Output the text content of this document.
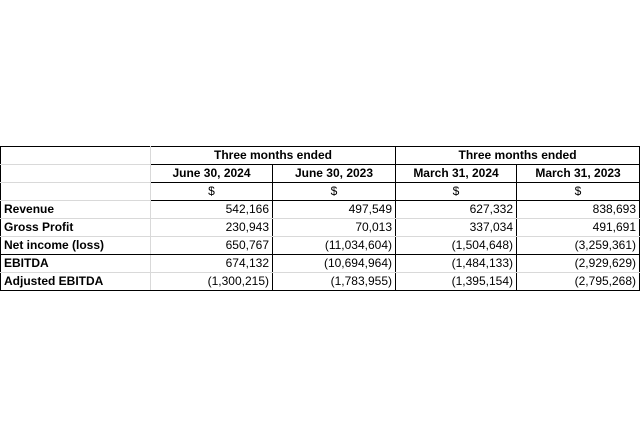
	Three months ended		Three months ended	
	June 30, 2024	June 30, 2023	March 31, 2024	March 31, 2023
	$	$	$	$
Revenue	542,166	497,549	627,332	838,693
Gross Profit	230,943	70,013	337,034	491,691
Net income (loss)	650,767	(11,034,604)	(1,504,648)	(3,259,361)
EBITDA	674,132	(10,694,964)	(1,484,133)	(2,929,629)
Adjusted EBITDA	(1,300,215)	(1,783,955)	(1,395,154)	(2,795,268)
